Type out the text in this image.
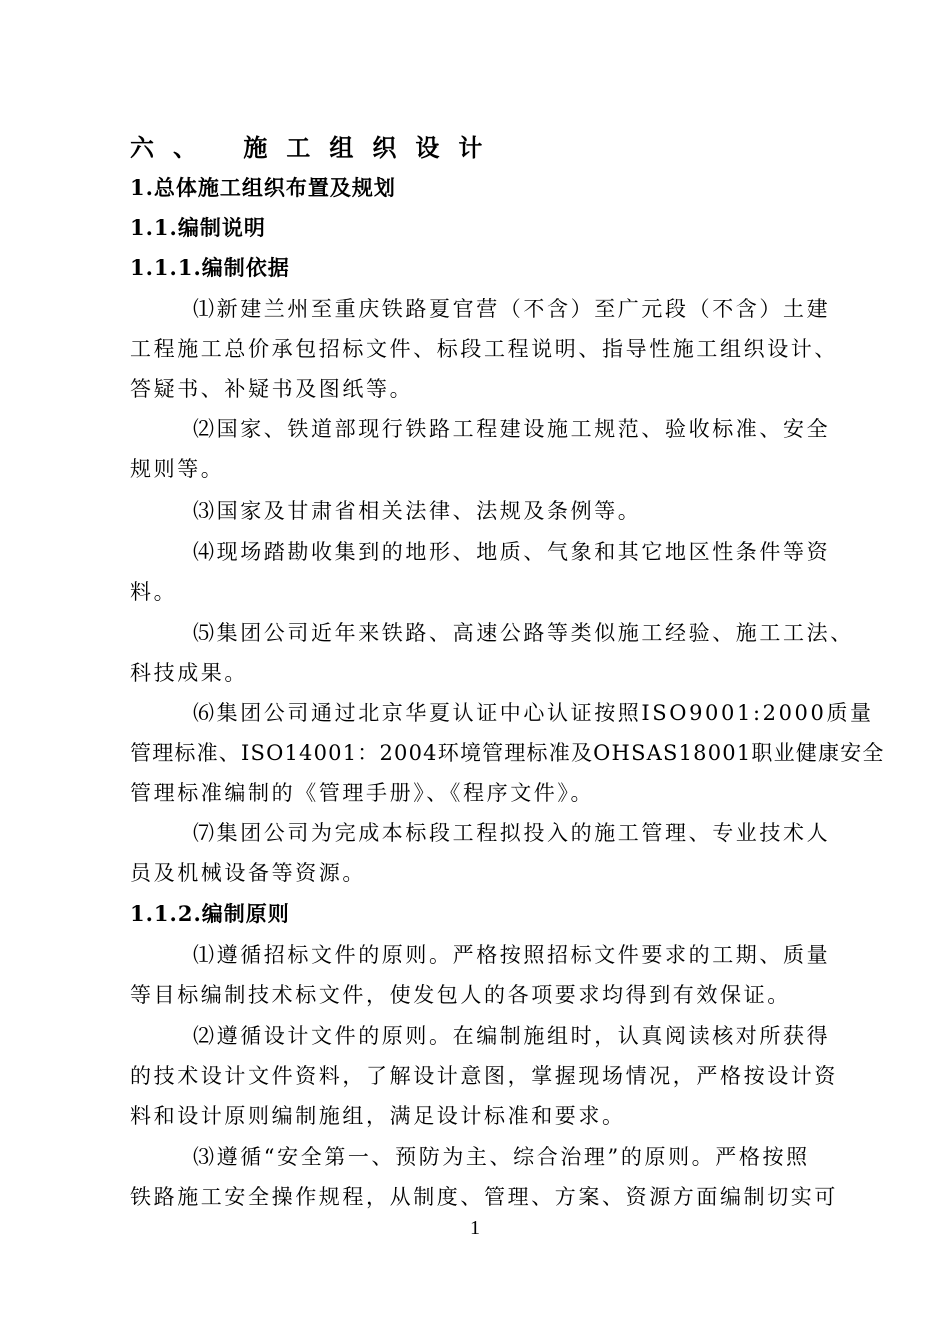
六、 施工组织设计
1.总体施工组织布置及规划
1.1.编制说明
1.1.1.编制依据
⑴新建兰州至重庆铁路夏官营（不含）至广元段（不含）土建
工程施工总价承包招标文件、标段工程说明、指导性施工组织设计、
答疑书、补疑书及图纸等。
⑵国家、铁道部现行铁路工程建设施工规范、验收标准、安全
规则等。
⑶国家及甘肃省相关法律、法规及条例等。
⑷现场踏勘收集到的地形、地质、气象和其它地区性条件等资
料。
⑸集团公司近年来铁路、高速公路等类似施工经验、施工工法、
科技成果。
⑹集团公司通过北京华夏认证中心认证按照ISO9001:2000质量
管理标准、ISO14001：2004环境管理标准及OHSAS18001职业健康安全
管理标准编制的《管理手册》、《程序文件》。
⑺集团公司为完成本标段工程拟投入的施工管理、专业技术人
员及机械设备等资源。
1.1.2.编制原则
⑴遵循招标文件的原则。严格按照招标文件要求的工期、质量
等目标编制技术标文件，使发包人的各项要求均得到有效保证。
⑵遵循设计文件的原则。在编制施组时，认真阅读核对所获得
的技术设计文件资料，了解设计意图，掌握现场情况，严格按设计资
料和设计原则编制施组，满足设计标准和要求。
⑶遵循“安全第一、预防为主、综合治理”的原则。严格按照
铁路施工安全操作规程，从制度、管理、方案、资源方面编制切实可
1
